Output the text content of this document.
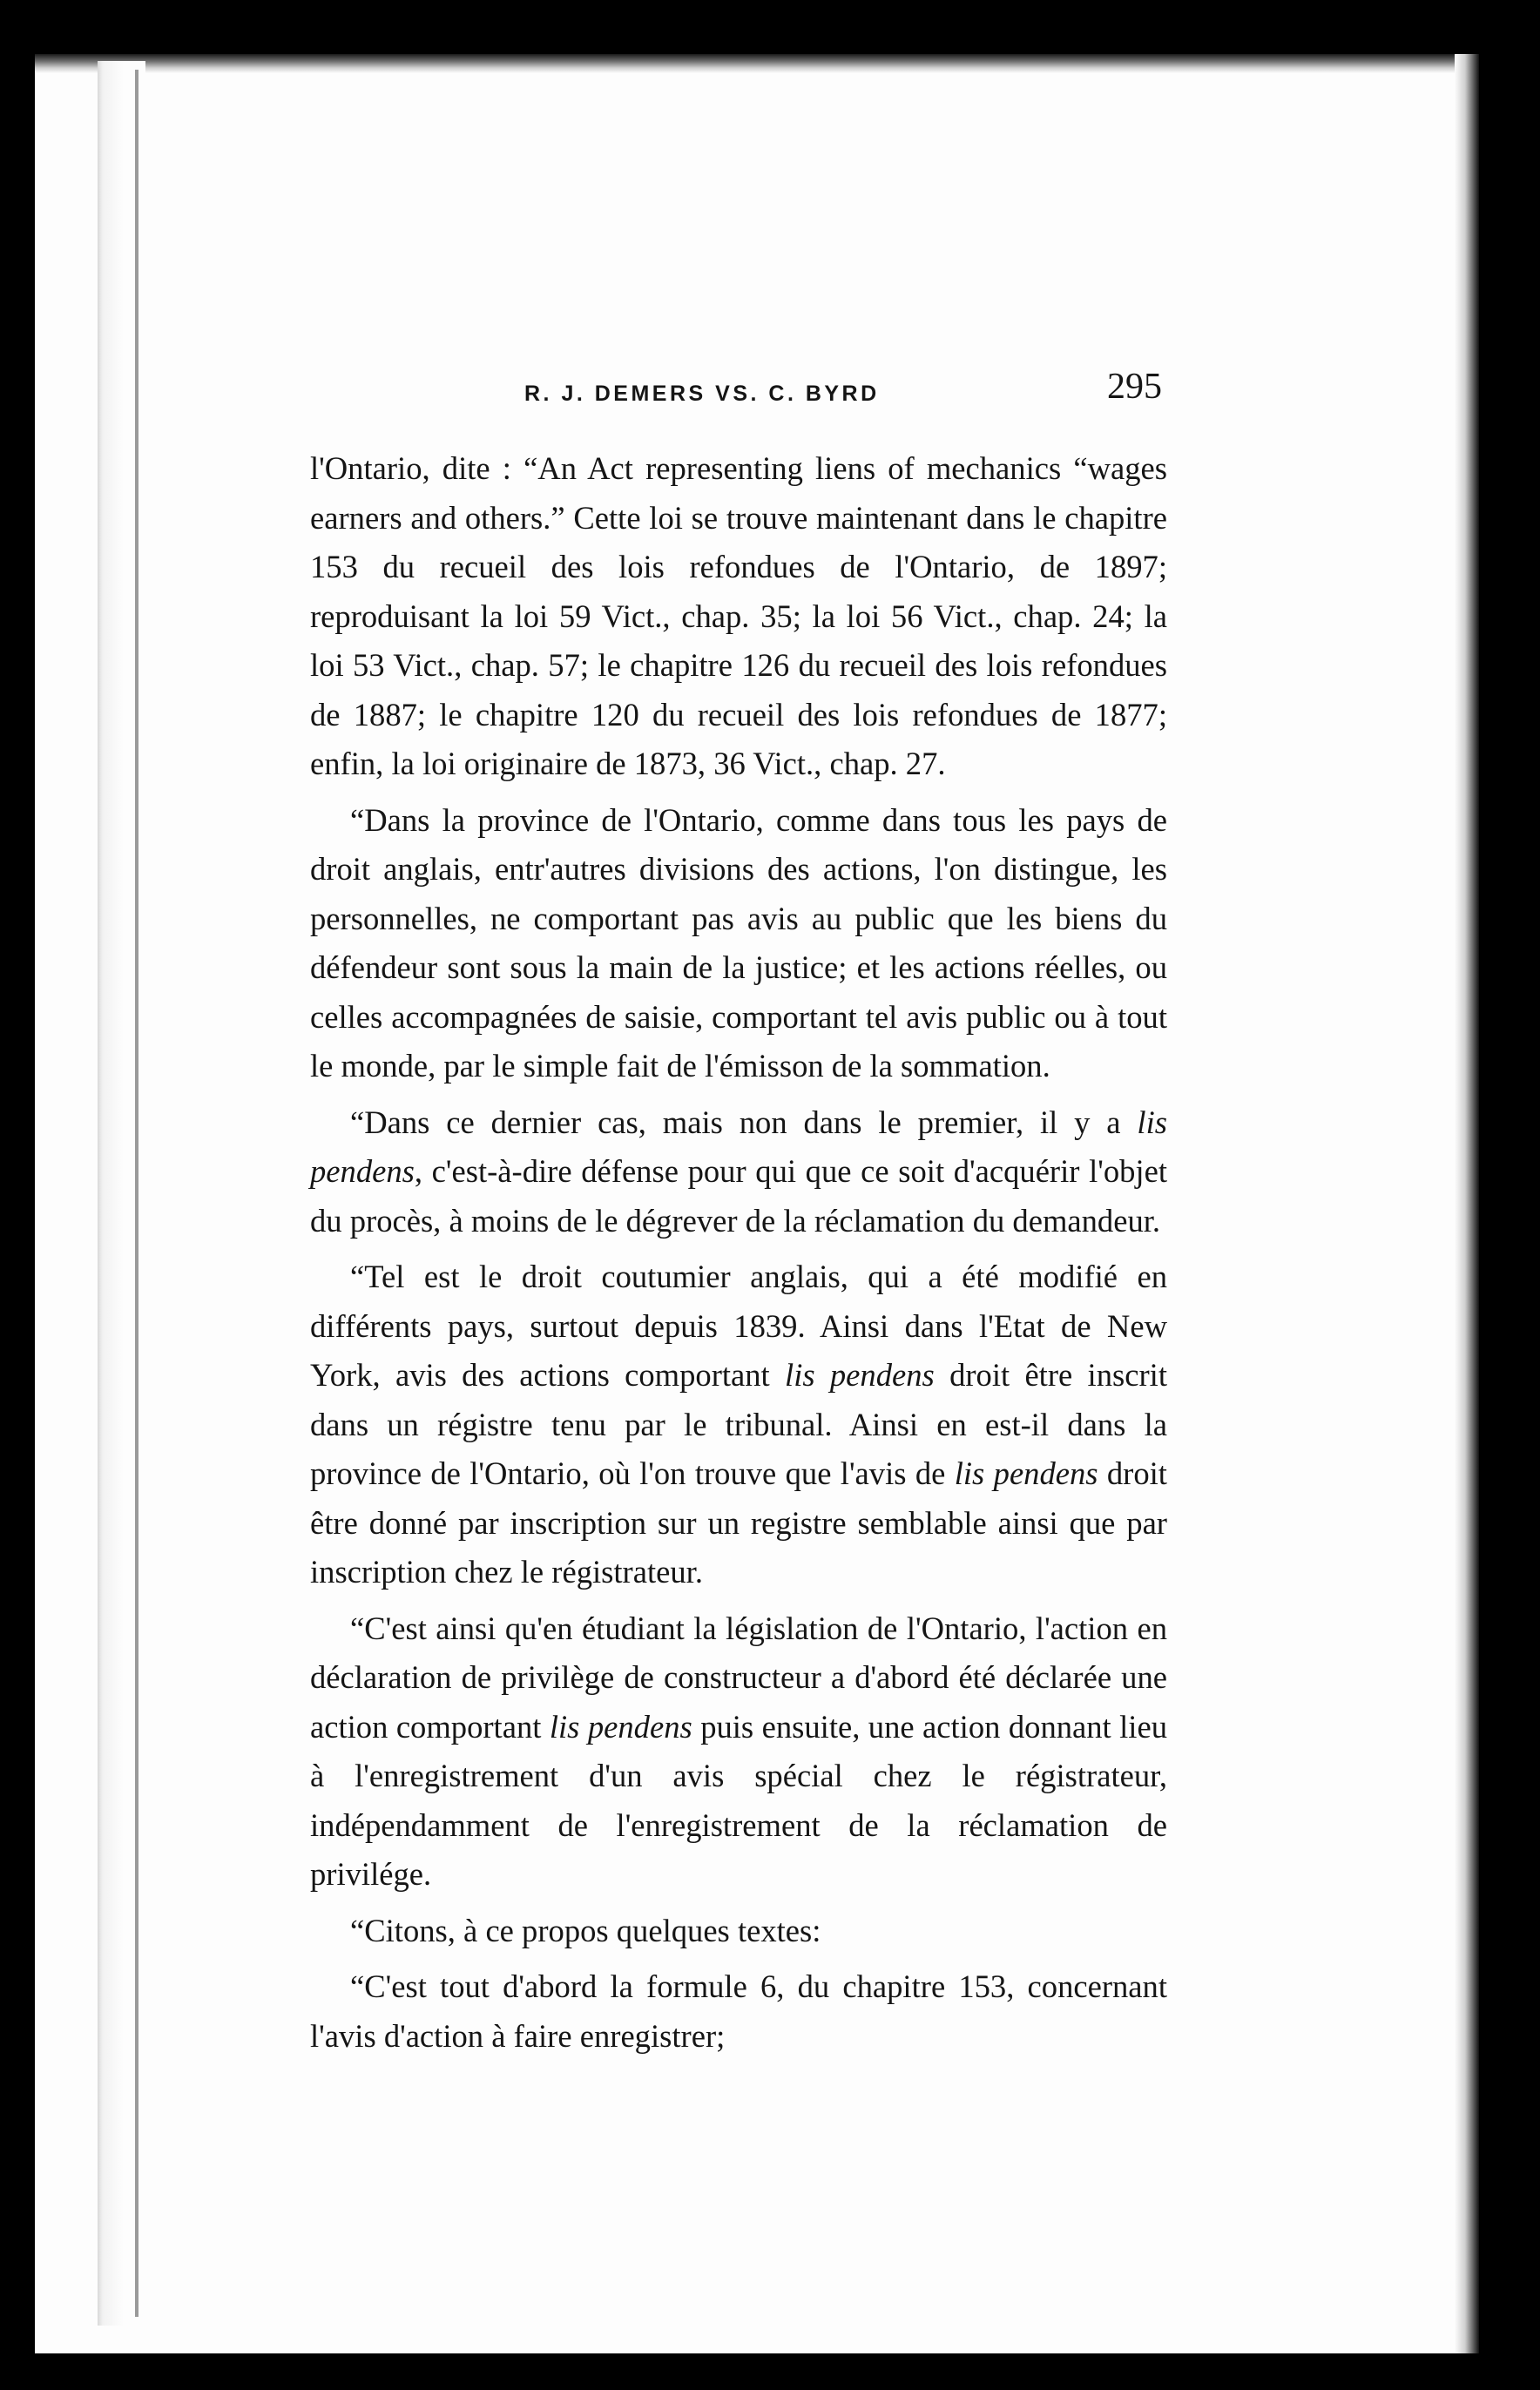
R. J. DEMERS VS. C. BYRD	295

l'Ontario, dite : “An Act representing liens of mechanics “wages earners and others.” Cette loi se trouve maintenant dans le chapitre 153 du recueil des lois refondues de l'Ontario, de 1897; reproduisant la loi 59 Vict., chap. 35; la loi 56 Vict., chap. 24; la loi 53 Vict., chap. 57; le chapitre 126 du recueil des lois refondues de 1887; le chapitre 120 du recueil des lois refondues de 1877; enfin, la loi originaire de 1873, 36 Vict., chap. 27.

“Dans la province de l'Ontario, comme dans tous les pays de droit anglais, entr'autres divisions des actions, l'on distingue, les personnelles, ne comportant pas avis au public que les biens du défendeur sont sous la main de la justice; et les actions réelles, ou celles accompagnées de saisie, comportant tel avis public ou à tout le monde, par le simple fait de l'émisson de la sommation.

“Dans ce dernier cas, mais non dans le premier, il y a lis pendens, c'est-à-dire défense pour qui que ce soit d'acquérir l'objet du procès, à moins de le dégrever de la réclamation du demandeur.

“Tel est le droit coutumier anglais, qui a été modifié en différents pays, surtout depuis 1839. Ainsi dans l'Etat de New York, avis des actions comportant lis pendens droit être inscrit dans un régistre tenu par le tribunal. Ainsi en est-il dans la province de l'Ontario, où l'on trouve que l'avis de lis pendens droit être donné par inscription sur un registre semblable ainsi que par inscription chez le régistrateur.

“C'est ainsi qu'en étudiant la législation de l'Ontario, l'action en déclaration de privilège de constructeur a d'abord été déclarée une action comportant lis pendens puis ensuite, une action donnant lieu à l'enregistrement d'un avis spécial chez le régistrateur, indépendamment de l'enregistrement de la réclamation de privilége.

“Citons, à ce propos quelques textes:

“C'est tout d'abord la formule 6, du chapitre 153, concernant l'avis d'action à faire enregistrer;
